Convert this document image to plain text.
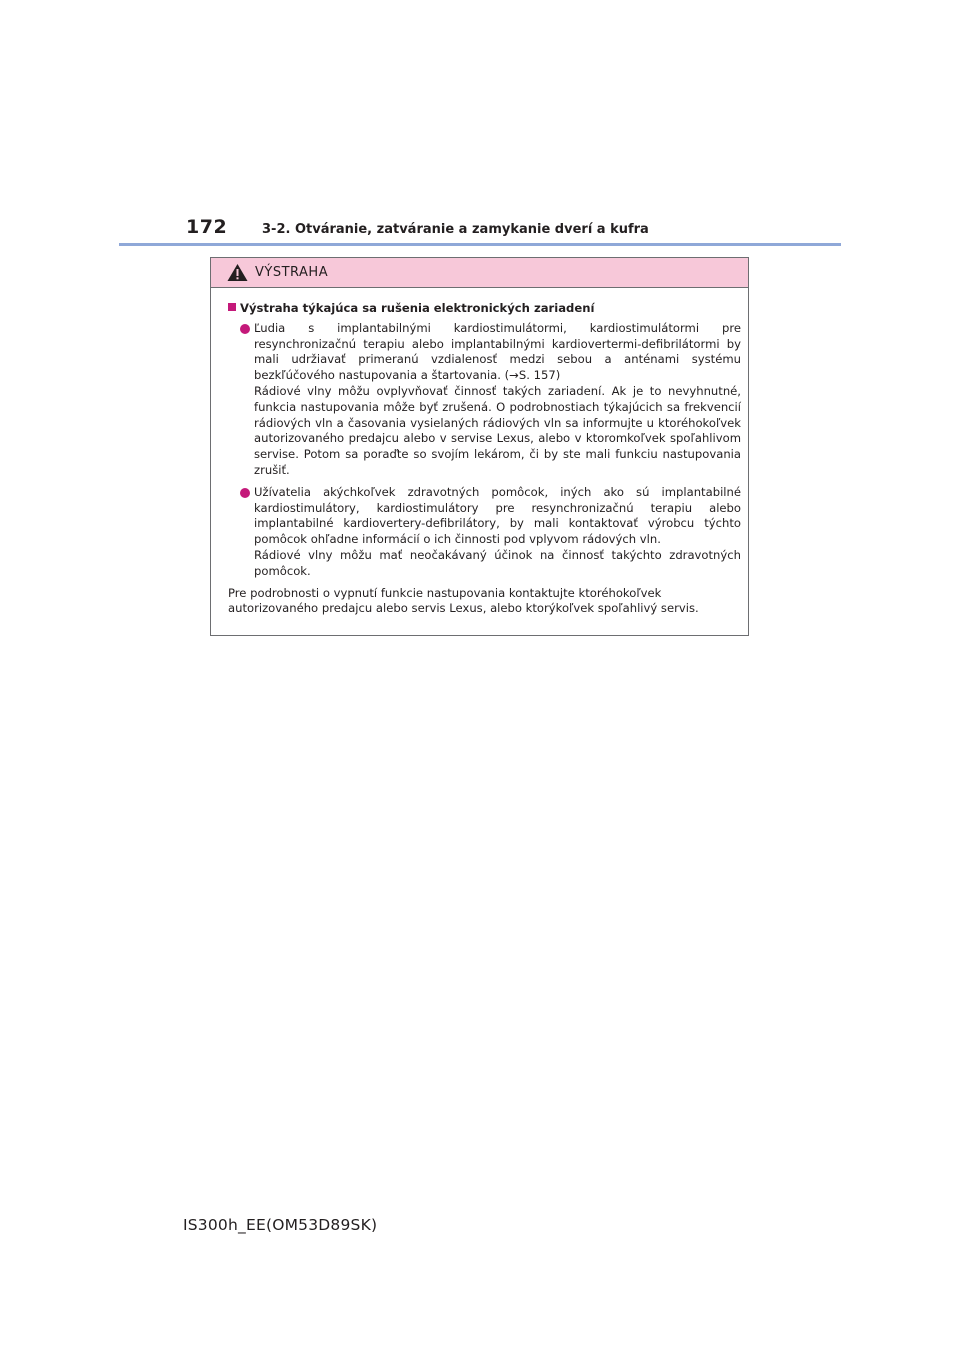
172	3-2. Otváranie, zatváranie a zamykanie dverí a kufra
VÝSTRAHA
Výstraha týkajúca sa rušenia elektronických zariadení

Ľudia s implantabilnými kardiostimulátormi, kardiostimulátormi pre resynchronizačnú terapiu alebo implantabilnými kardiovertermi-defibrilátormi by mali udržiavať primeranú vzdialenosť medzi sebou a anténami systému bezkľúčového nastupovania a štartovania. (→S. 157)

Rádiové vlny môžu ovplyvňovať činnosť takých zariadení. Ak je to nevyhnutné, funkcia nastupovania môže byť zrušená. O podrobnostiach týkajúcich sa frekvencií rádiových vln a časovania vysielaných rádiových vln sa informujte u ktoréhokoľvek autorizovaného predajcu alebo v servise Lexus, alebo v ktoromkoľvek spoľahlivom servise. Potom sa poraďte so svojím lekárom, či by ste mali funkciu nastupovania zrušiť.

Užívatelia akýchkoľvek zdravotných pomôcok, iných ako sú implantabilné kardiostimulátory, kardiostimulátory pre resynchronizačnú terapiu alebo implantabilné kardiovertery-defibrilátory, by mali kontaktovať výrobcu týchto pomôcok ohľadne informácií o ich činnosti pod vplyvom rádových vln.

Rádiové vlny môžu mať neočakávaný účinok na činnosť takýchto zdravotných pomôcok.

Pre podrobnosti o vypnutí funkcie nastupovania kontaktujte ktoréhokoľvek autorizovaného predajcu alebo servis Lexus, alebo ktorýkoľvek spoľahlivý servis.

IS300h_EE(OM53D89SK)
